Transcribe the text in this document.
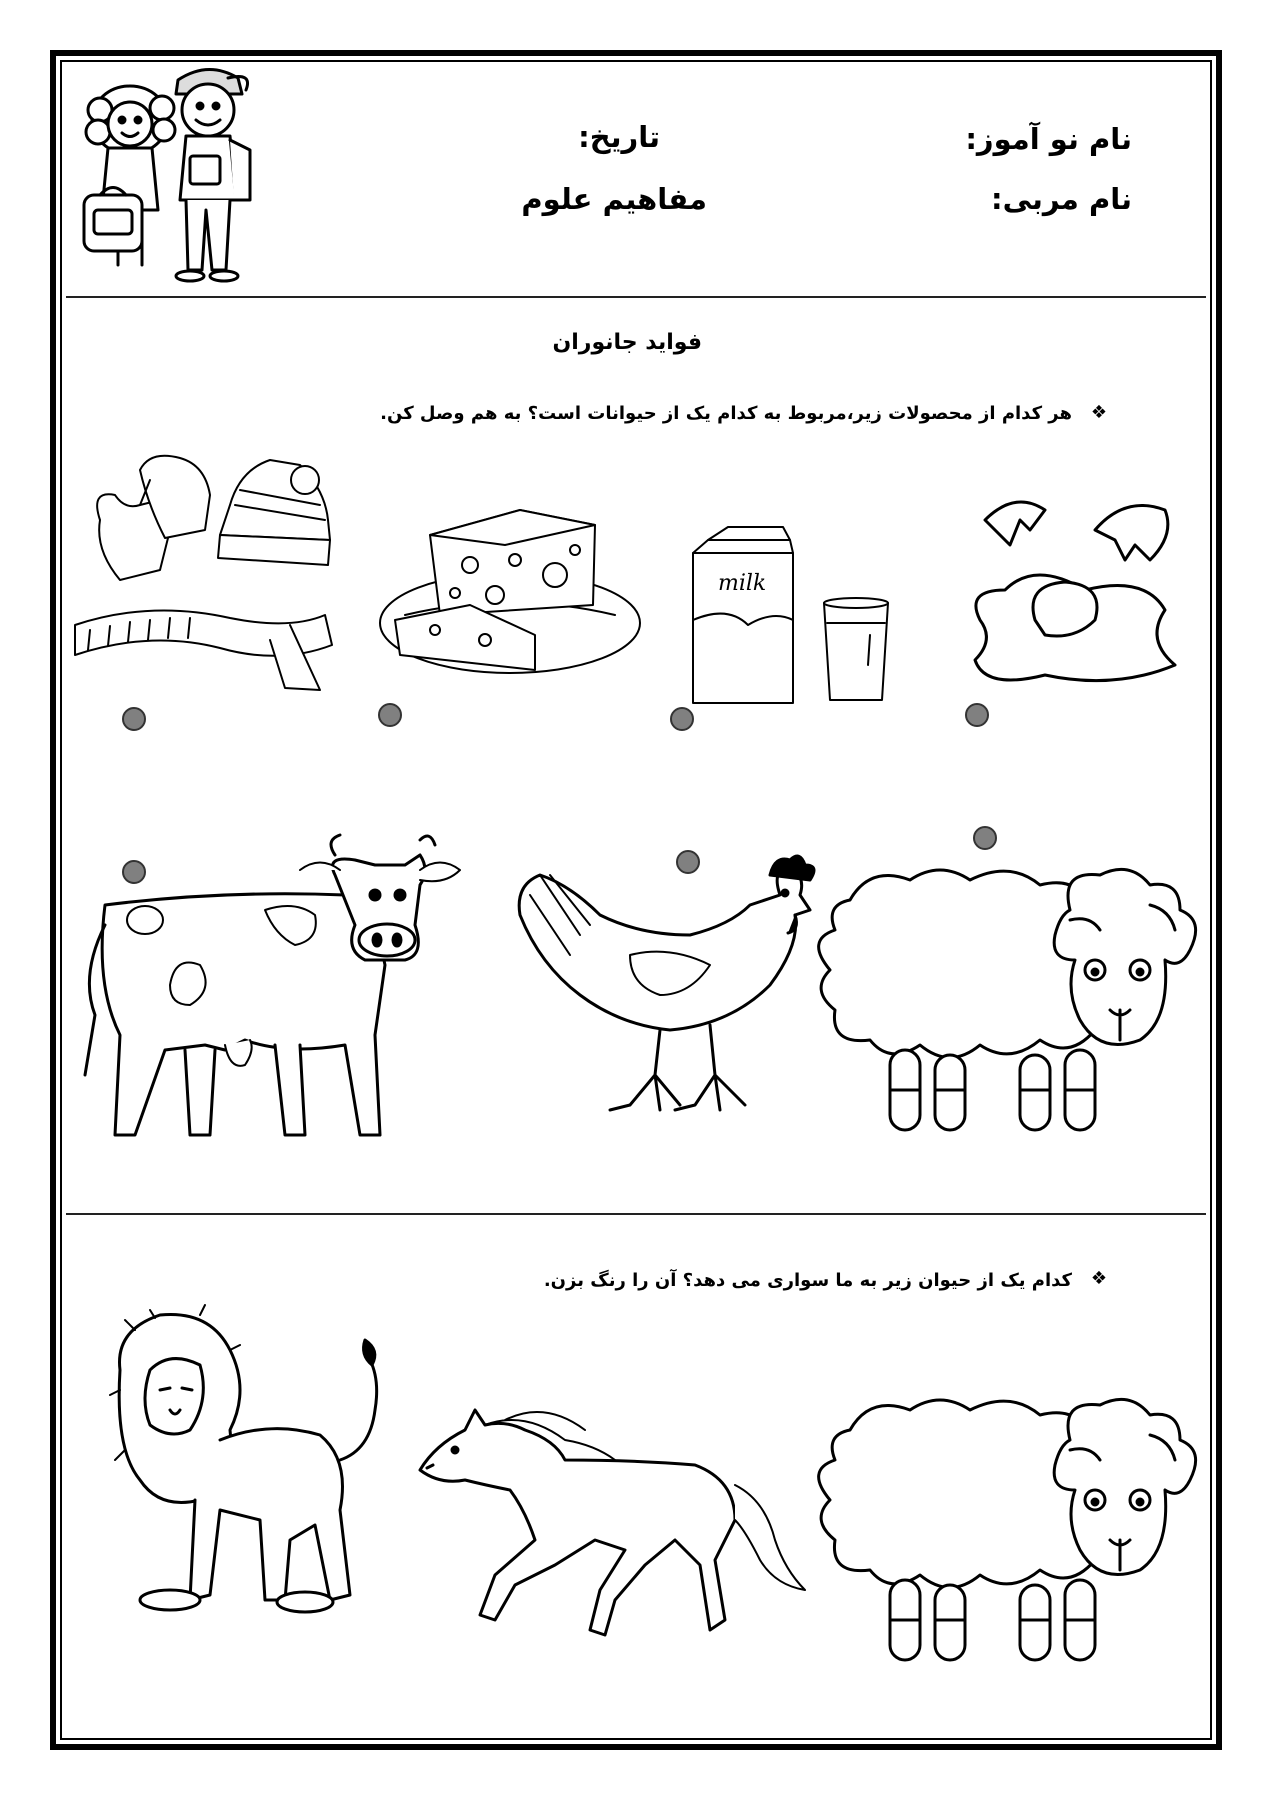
نام نو آموز:
تاریخ:
نام مربی:
مفاهیم علوم
فواید جانوران
❖
هر کدام از محصولات زیر،مربوط به کدام یک از حیوانات است؟ به هم وصل کن.
milk
❖
کدام یک از حیوان زیر به ما سواری می دهد؟ آن را رنگ بزن.
